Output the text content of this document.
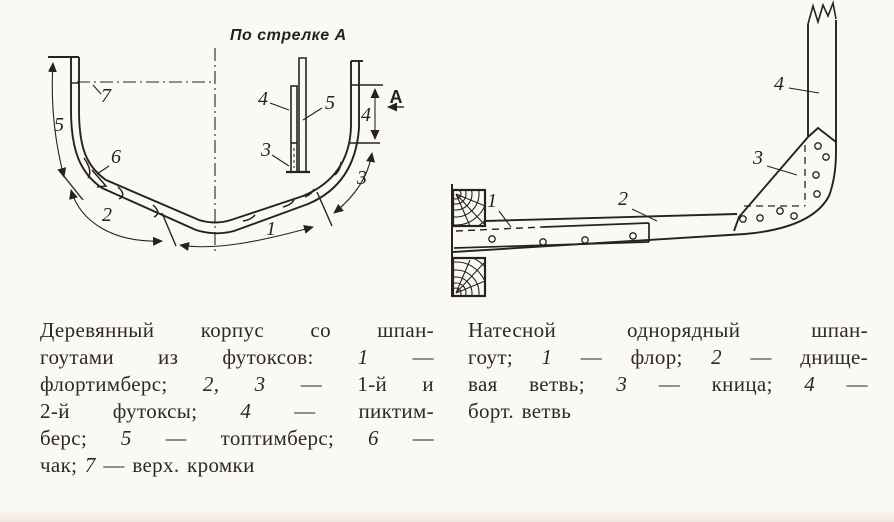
5
7
6
2
1
3
4
А
По стрелке А
4	5
3
1	2
3
4
Деревянный корпус со шпан-
гоутами из футоксов: 1 —
флортимберс; 2, 3 — 1-й и
2-й футоксы; 4 — пиктим-
берс; 5 — топтимберс; 6 —
чак; 7 — верх. кромки
Натесной однорядный шпан-
гоут; 1 — флор; 2 — днище-
вая ветвь; 3 — кница; 4 —
борт. ветвь
